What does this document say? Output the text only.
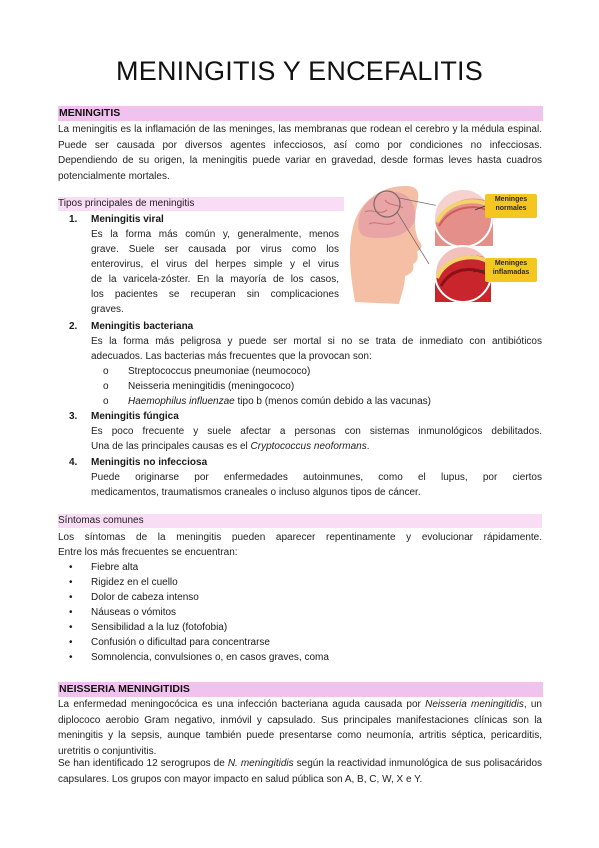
MENINGITIS Y ENCEFALITIS
MENINGITIS

La meningitis es la inflamación de las meninges, las membranas que rodean el cerebro y la médula espinal. Puede ser causada por diversos agentes infecciosos, así como por condiciones no infecciosas. Dependiendo de su origen, la meningitis puede variar en gravedad, desde formas leves hasta cuadros potencialmente mortales.

Tipos principales de meningitis	Meninges normales
Meninges inflamadas
1. Meningitis viral
Es la forma más común y, generalmente, menos
grave. Suele ser causada por virus como los
enterovirus, el virus del herpes simple y el virus
de la varicela-zóster. En la mayoría de los casos,
los pacientes se recuperan sin complicaciones
graves.
2. Meningitis bacteriana
Es la forma más peligrosa y puede ser mortal si no se trata de inmediato con antibióticos
adecuados. Las bacterias más frecuentes que la provocan son:
o Streptococcus pneumoniae (neumococo)
o Neisseria meningitidis (meningococo)
o Haemophilus influenzae tipo b (menos común debido a las vacunas)
3. Meningitis fúngica
Es poco frecuente y suele afectar a personas con sistemas inmunológicos debilitados.
Una de las principales causas es el Cryptococcus neoformans.
4. Meningitis no infecciosa
Puede originarse por enfermedades autoinmunes, como el lupus, por ciertos
medicamentos, traumatismos craneales o incluso algunos tipos de cáncer.
Síntomas comunes
Los síntomas de la meningitis pueden aparecer repentinamente y evolucionar rápidamente.
Entre los más frecuentes se encuentran:
• Fiebre alta
• Rigidez en el cuello
• Dolor de cabeza intenso
• Náuseas o vómitos
• Sensibilidad a la luz (fotofobia)
• Confusión o dificultad para concentrarse
• Somnolencia, convulsiones o, en casos graves, coma
NEISSERIA MENINGITIDIS

La enfermedad meningocócica es una infección bacteriana aguda causada por Neisseria meningitidis, un diplococo aerobio Gram negativo, inmóvil y capsulado. Sus principales manifestaciones clínicas son la meningitis y la sepsis, aunque también puede presentarse como neumonía, artritis séptica, pericarditis, uretritis o conjuntivitis.

Se han identificado 12 serogrupos de N. meningitidis según la reactividad inmunológica de sus polisacáridos capsulares. Los grupos con mayor impacto en salud pública son A, B, C, W, X e Y.
